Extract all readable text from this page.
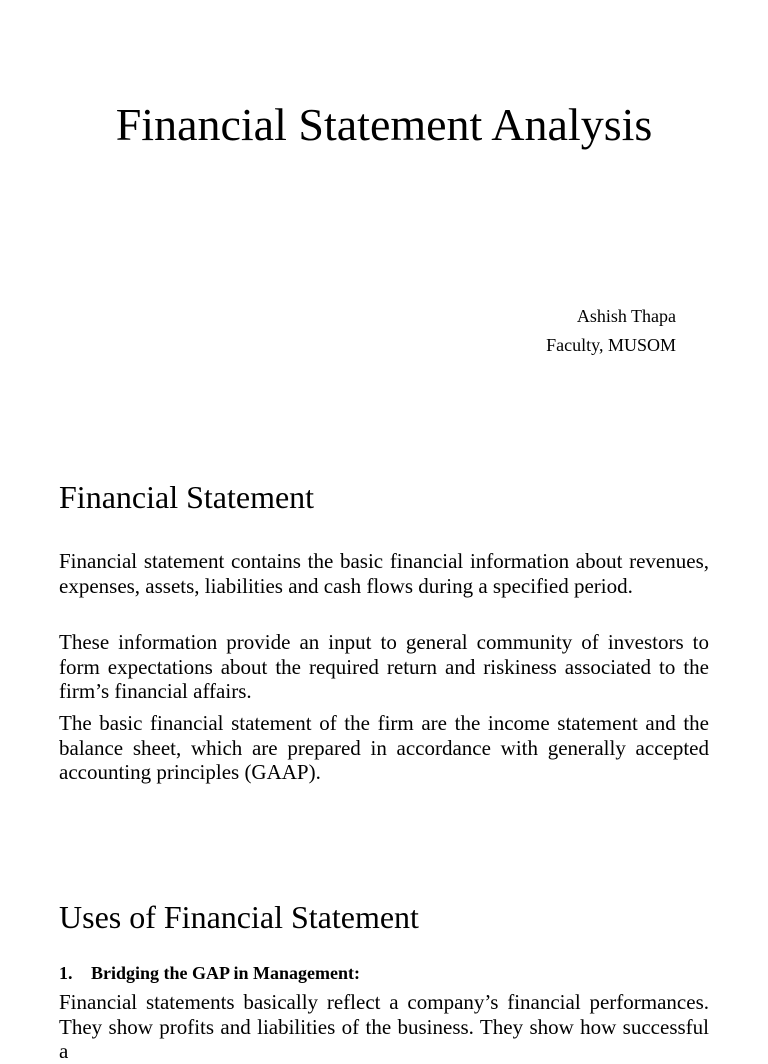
Financial Statement Analysis
Ashish Thapa
Faculty, MUSOM
Financial Statement

Financial statement contains the basic financial information about revenues, expenses, assets, liabilities and cash flows during a specified period.

These information provide an input to general community of investors to form expectations about the required return and riskiness associated to the firm’s financial affairs.

The basic financial statement of the firm are the income statement and the balance sheet, which are prepared in accordance with generally accepted accounting principles (GAAP).

Uses of Financial Statement
1. Bridging the GAP in Management:

Financial statements basically reflect a company’s financial performances. They show profits and liabilities of the business. They show how successful a
